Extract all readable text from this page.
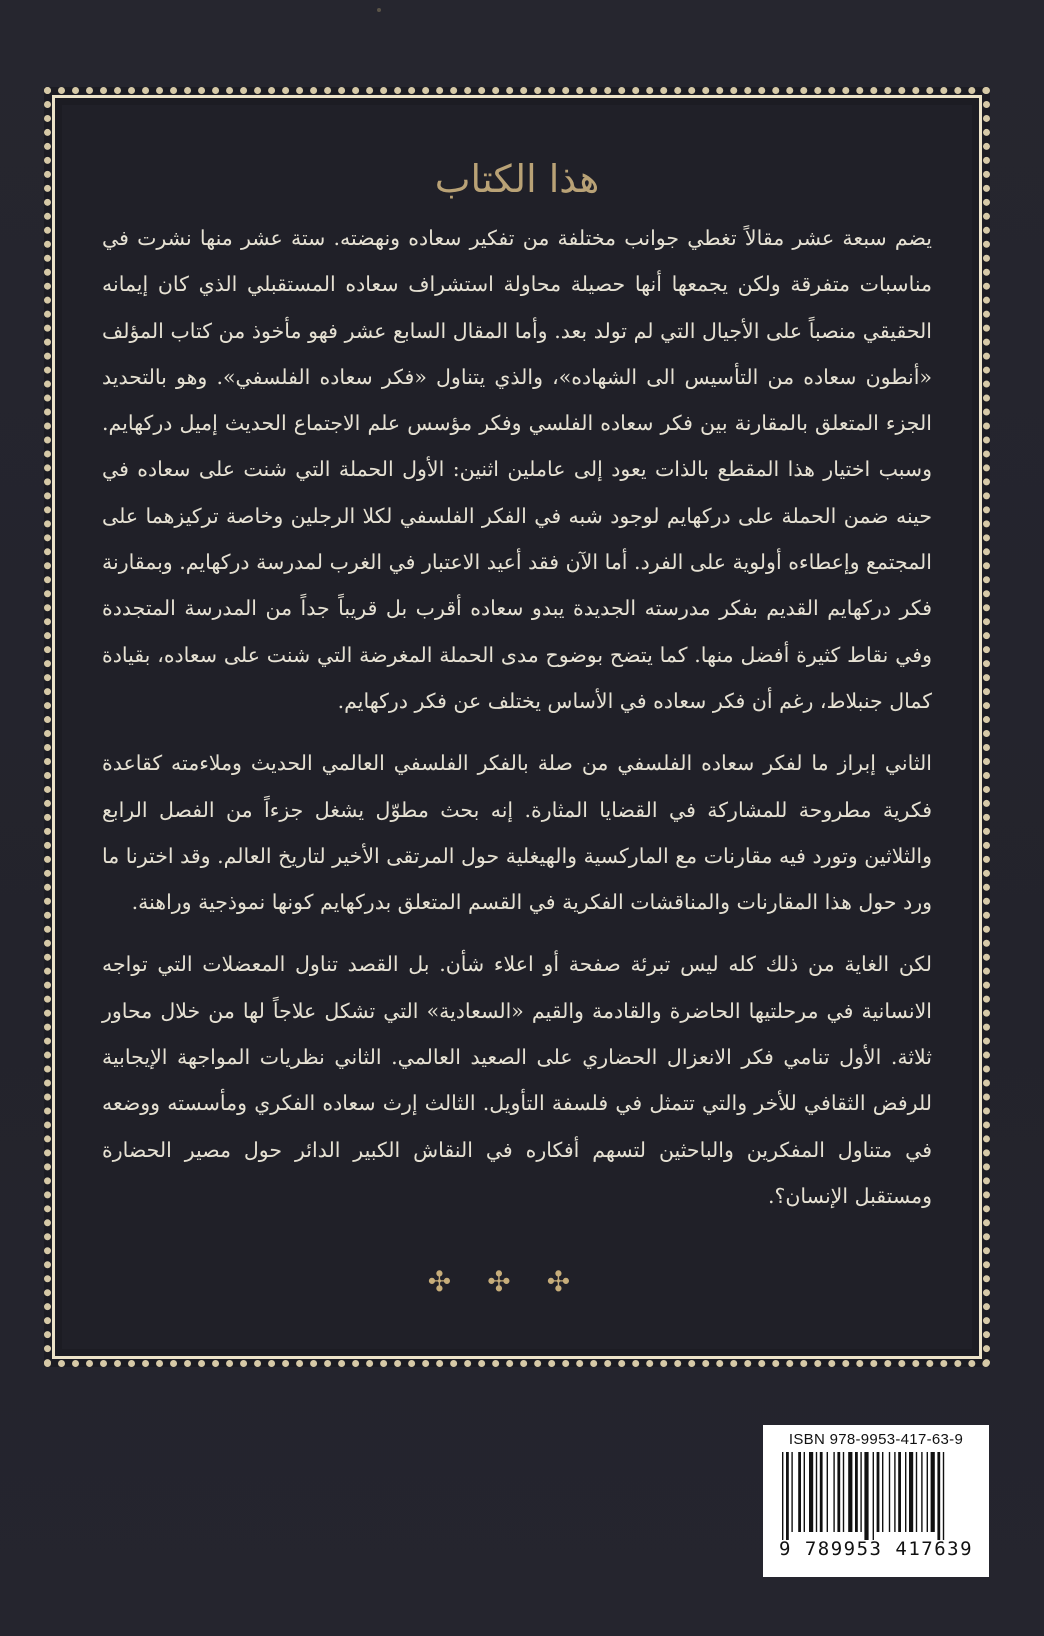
هذا الكتاب

يضم سبعة عشر مقالاً تغطي جوانب مختلفة من تفكير سعاده ونهضته. ستة عشر منها نشرت في مناسبات متفرقة ولكن يجمعها أنها حصيلة محاولة استشراف سعاده المستقبلي الذي كان إيمانه الحقيقي منصباً على الأجيال التي لم تولد بعد. وأما المقال السابع عشر فهو مأخوذ من كتاب المؤلف «أنطون سعاده من التأسيس الى الشهاده»، والذي يتناول «فكر سعاده الفلسفي». وهو بالتحديد الجزء المتعلق بالمقارنة بين فكر سعاده الفلسي وفكر مؤسس علم الاجتماع الحديث إميل دركهايم. وسبب اختيار هذا المقطع بالذات يعود إلى عاملين اثنين: الأول الحملة التي شنت على سعاده في حينه ضمن الحملة على دركهايم لوجود شبه في الفكر الفلسفي لكلا الرجلين وخاصة تركيزهما على المجتمع وإعطاءه أولوية على الفرد. أما الآن فقد أعيد الاعتبار في الغرب لمدرسة دركهايم. وبمقارنة فكر دركهايم القديم بفكر مدرسته الجديدة يبدو سعاده أقرب بل قريباً جداً من المدرسة المتجددة وفي نقاط كثيرة أفضل منها. كما يتضح بوضوح مدى الحملة المغرضة التي شنت على سعاده، بقيادة كمال جنبلاط، رغم أن فكر سعاده في الأساس يختلف عن فكر دركهايم.

الثاني إبراز ما لفكر سعاده الفلسفي من صلة بالفكر الفلسفي العالمي الحديث وملاءمته كقاعدة فكرية مطروحة للمشاركة في القضايا المثارة. إنه بحث مطوّل يشغل جزءاً من الفصل الرابع والثلاثين وتورد فيه مقارنات مع الماركسية والهيغلية حول المرتقى الأخير لتاريخ العالم. وقد اخترنا ما ورد حول هذا المقارنات والمناقشات الفكرية في القسم المتعلق بدركهايم كونها نموذجية وراهنة.

لكن الغاية من ذلك كله ليس تبرئة صفحة أو اعلاء شأن. بل القصد تناول المعضلات التي تواجه الانسانية في مرحلتيها الحاضرة والقادمة والقيم «السعادية» التي تشكل علاجاً لها من خلال محاور ثلاثة. الأول تنامي فكر الانعزال الحضاري على الصعيد العالمي. الثاني نظريات المواجهة الإيجابية للرفض الثقافي للأخر والتي تتمثل في فلسفة التأويل. الثالث إرث سعاده الفكري ومأسسته ووضعه في متناول المفكرين والباحثين لتسهم أفكاره في النقاش الكبير الدائر حول مصير الحضارة ومستقبل الإنسان؟.

✣✣✣
ISBN 978-9953-417-63-9
9 789953 417639
